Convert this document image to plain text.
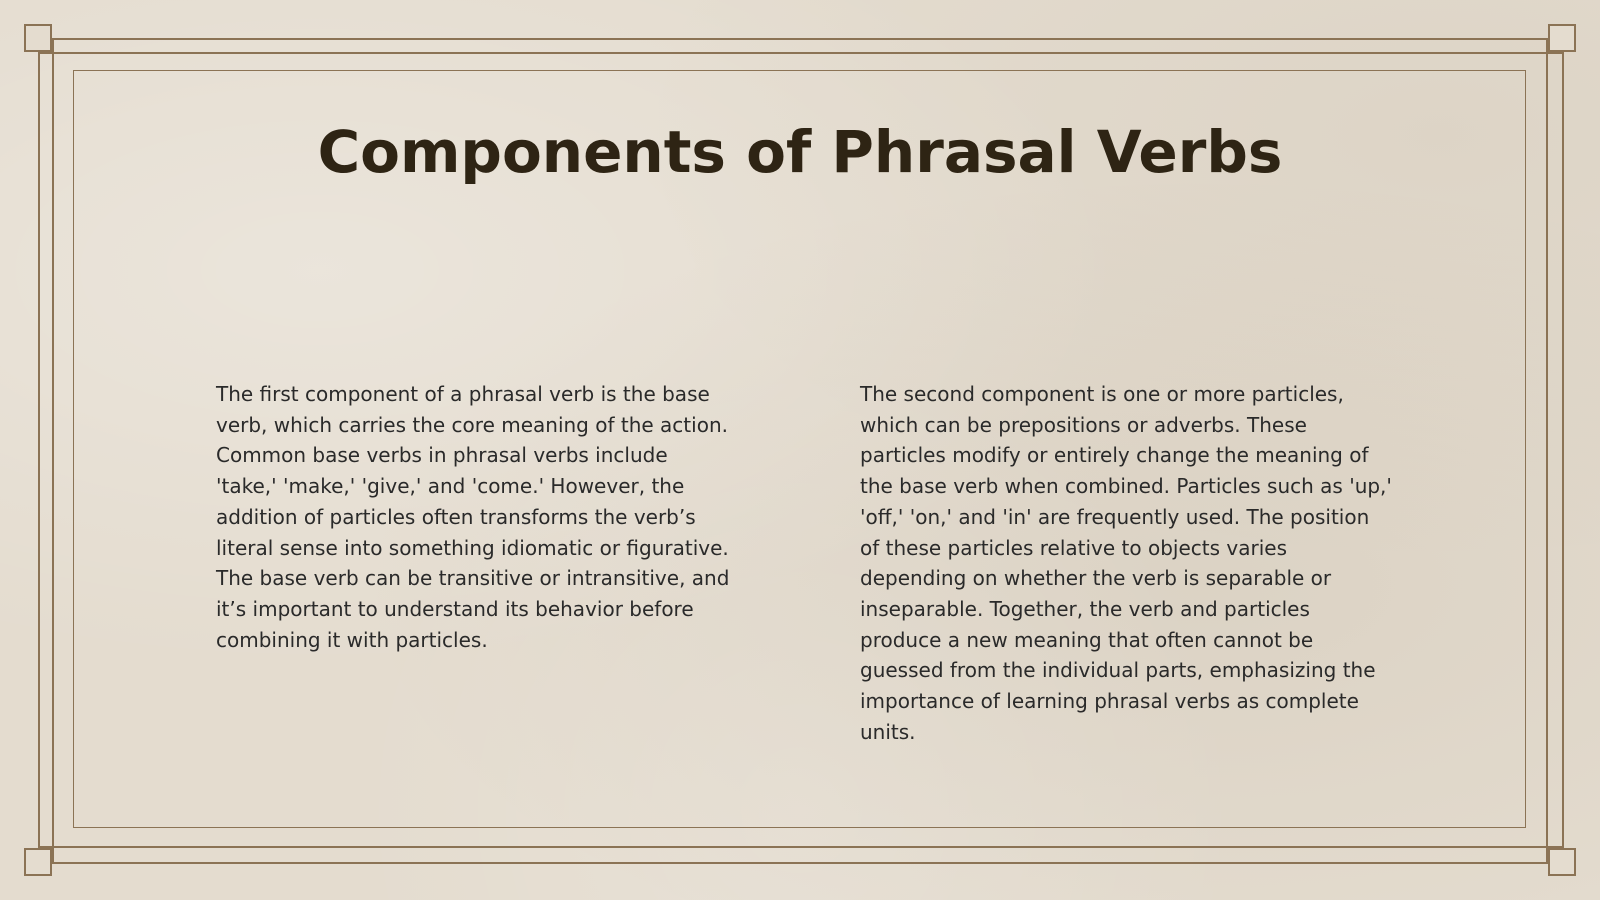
Components of Phrasal Verbs

The first component of a phrasal verb is the base verb, which carries the core meaning of the action. Common base verbs in phrasal verbs include 'take,' 'make,' 'give,' and 'come.' However, the addition of particles often transforms the verb’s literal sense into something idiomatic or figurative. The base verb can be transitive or intransitive, and it’s important to understand its behavior before combining it with particles.

The second component is one or more particles, which can be prepositions or adverbs. These particles modify or entirely change the meaning of the base verb when combined. Particles such as 'up,' 'off,' 'on,' and 'in' are frequently used. The position of these particles relative to objects varies depending on whether the verb is separable or inseparable. Together, the verb and particles produce a new meaning that often cannot be guessed from the individual parts, emphasizing the importance of learning phrasal verbs as complete units.
